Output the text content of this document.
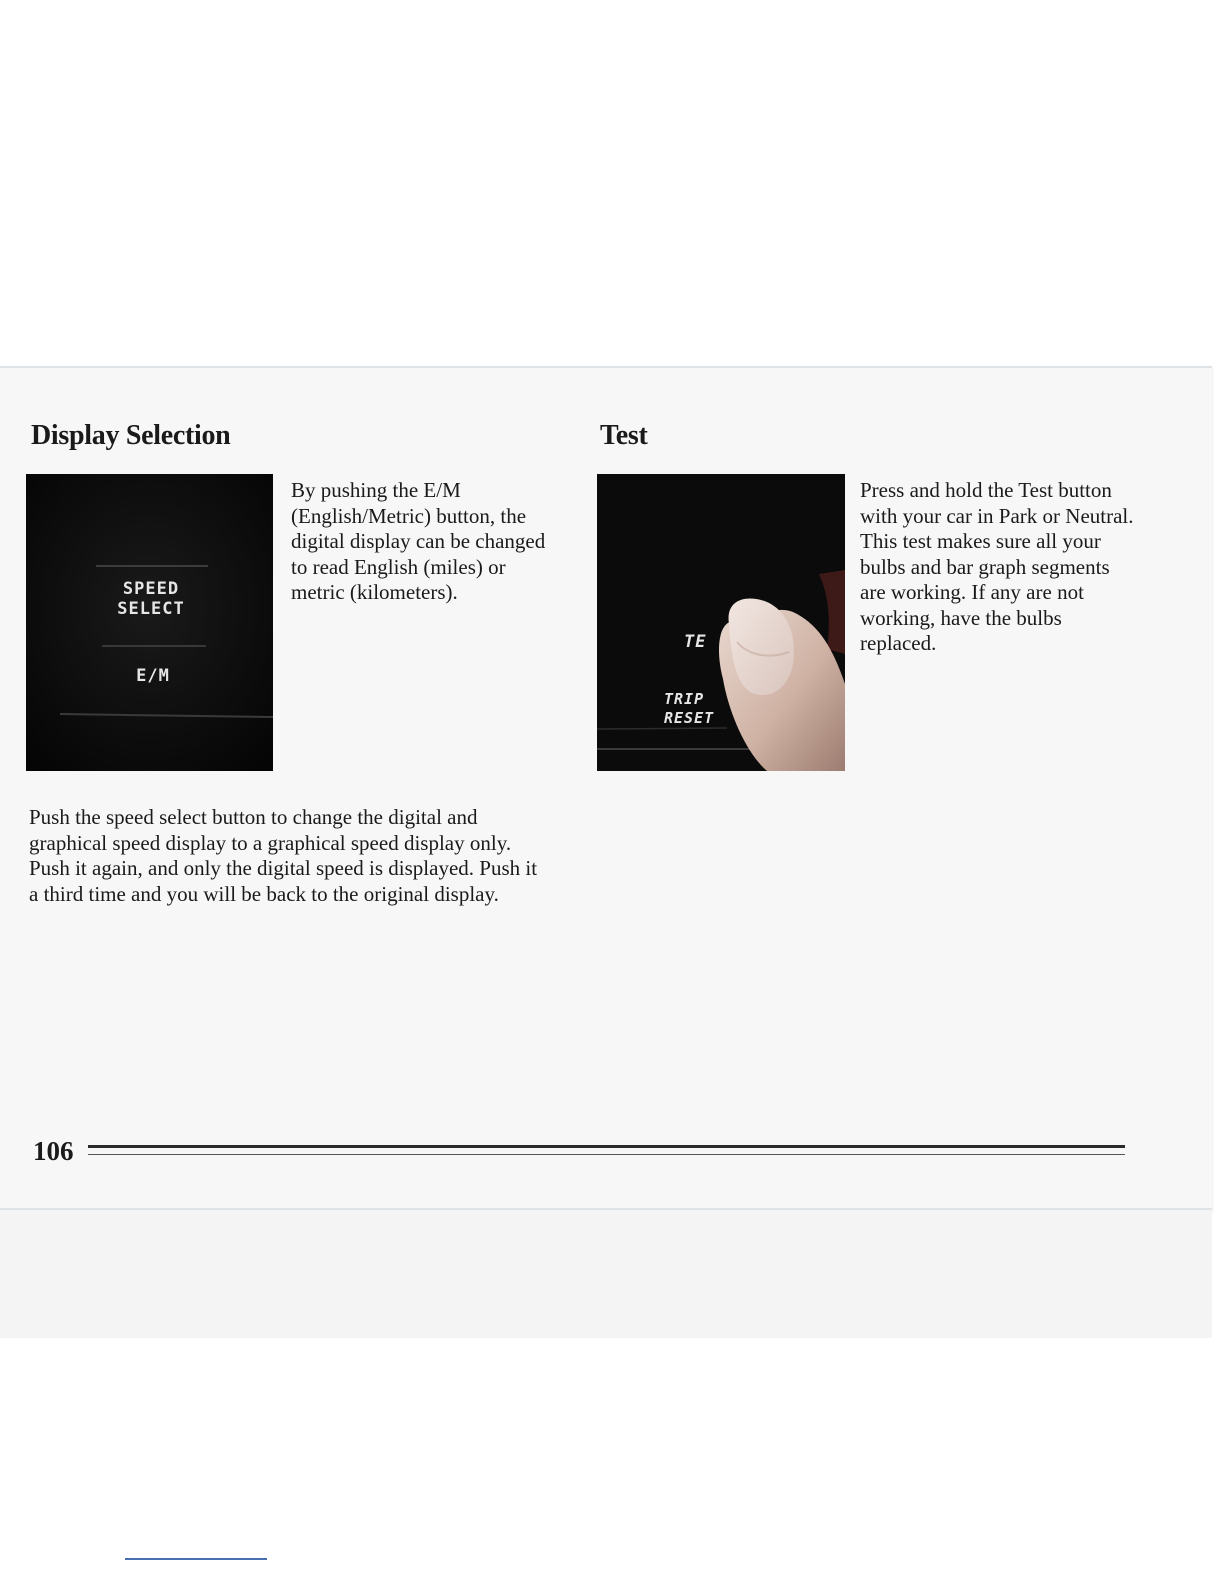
Display Selection
SPEED
SELECT
E/M

By pushing the E/M (English/Metric) button, the digital display can be changed to read English (miles) or metric (kilometers).

Test
TE
TRIP
RESET

Press and hold the Test button with your car in Park or Neutral. This test makes sure all your bulbs and bar graph segments are working. If any are not working, have the bulbs replaced.

Push the speed select button to change the digital and graphical speed display to a graphical speed display only. Push it again, and only the digital speed is displayed. Push it a third time and you will be back to the original display.

106
